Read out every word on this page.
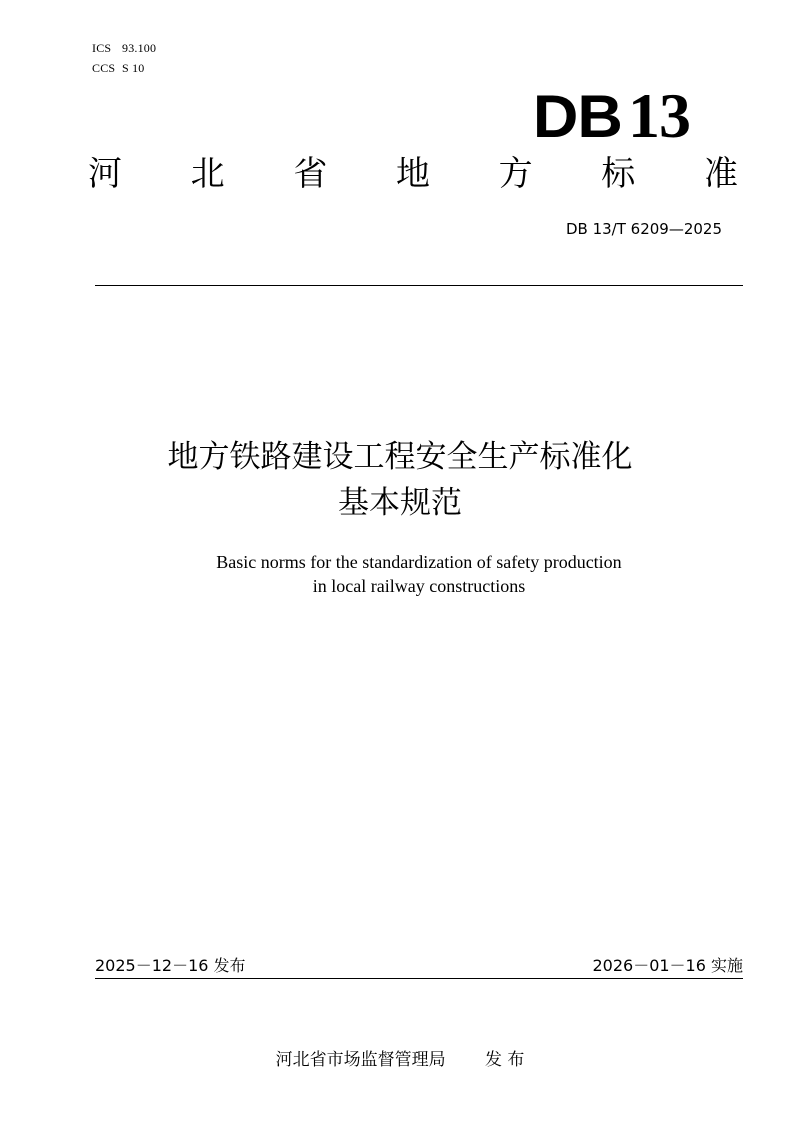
ICS 93.100
CCS S 10
DB 13
河 北 省 地 方 标 准
DB 13/T 6209—2025
地方铁路建设工程安全生产标准化
基本规范
Basic norms for the standardization of safety production
in local railway constructions
2025－12－16 发布	2026－01－16 实施
河北省市场监督管理局 发 布
